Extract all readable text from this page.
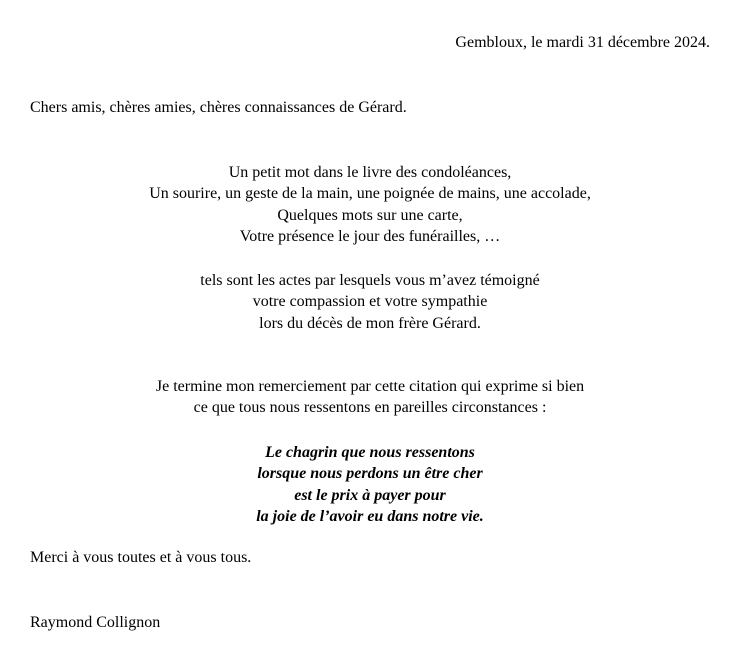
Gembloux, le mardi 31 décembre 2024.
Chers amis, chères amies, chères connaissances de Gérard.
Un petit mot dans le livre des condoléances,
Un sourire, un geste de la main, une poignée de mains, une accolade,
Quelques mots sur une carte,
Votre présence le jour des funérailles, …
tels sont les actes par lesquels vous m’avez témoigné
votre compassion et votre sympathie
lors du décès de mon frère Gérard.
Je termine mon remerciement par cette citation qui exprime si bien
ce que tous nous ressentons en pareilles circonstances :
Le chagrin que nous ressentons
lorsque nous perdons un être cher
est le prix à payer pour
la joie de l’avoir eu dans notre vie.
Merci à vous toutes et à vous tous.
Raymond Collignon
